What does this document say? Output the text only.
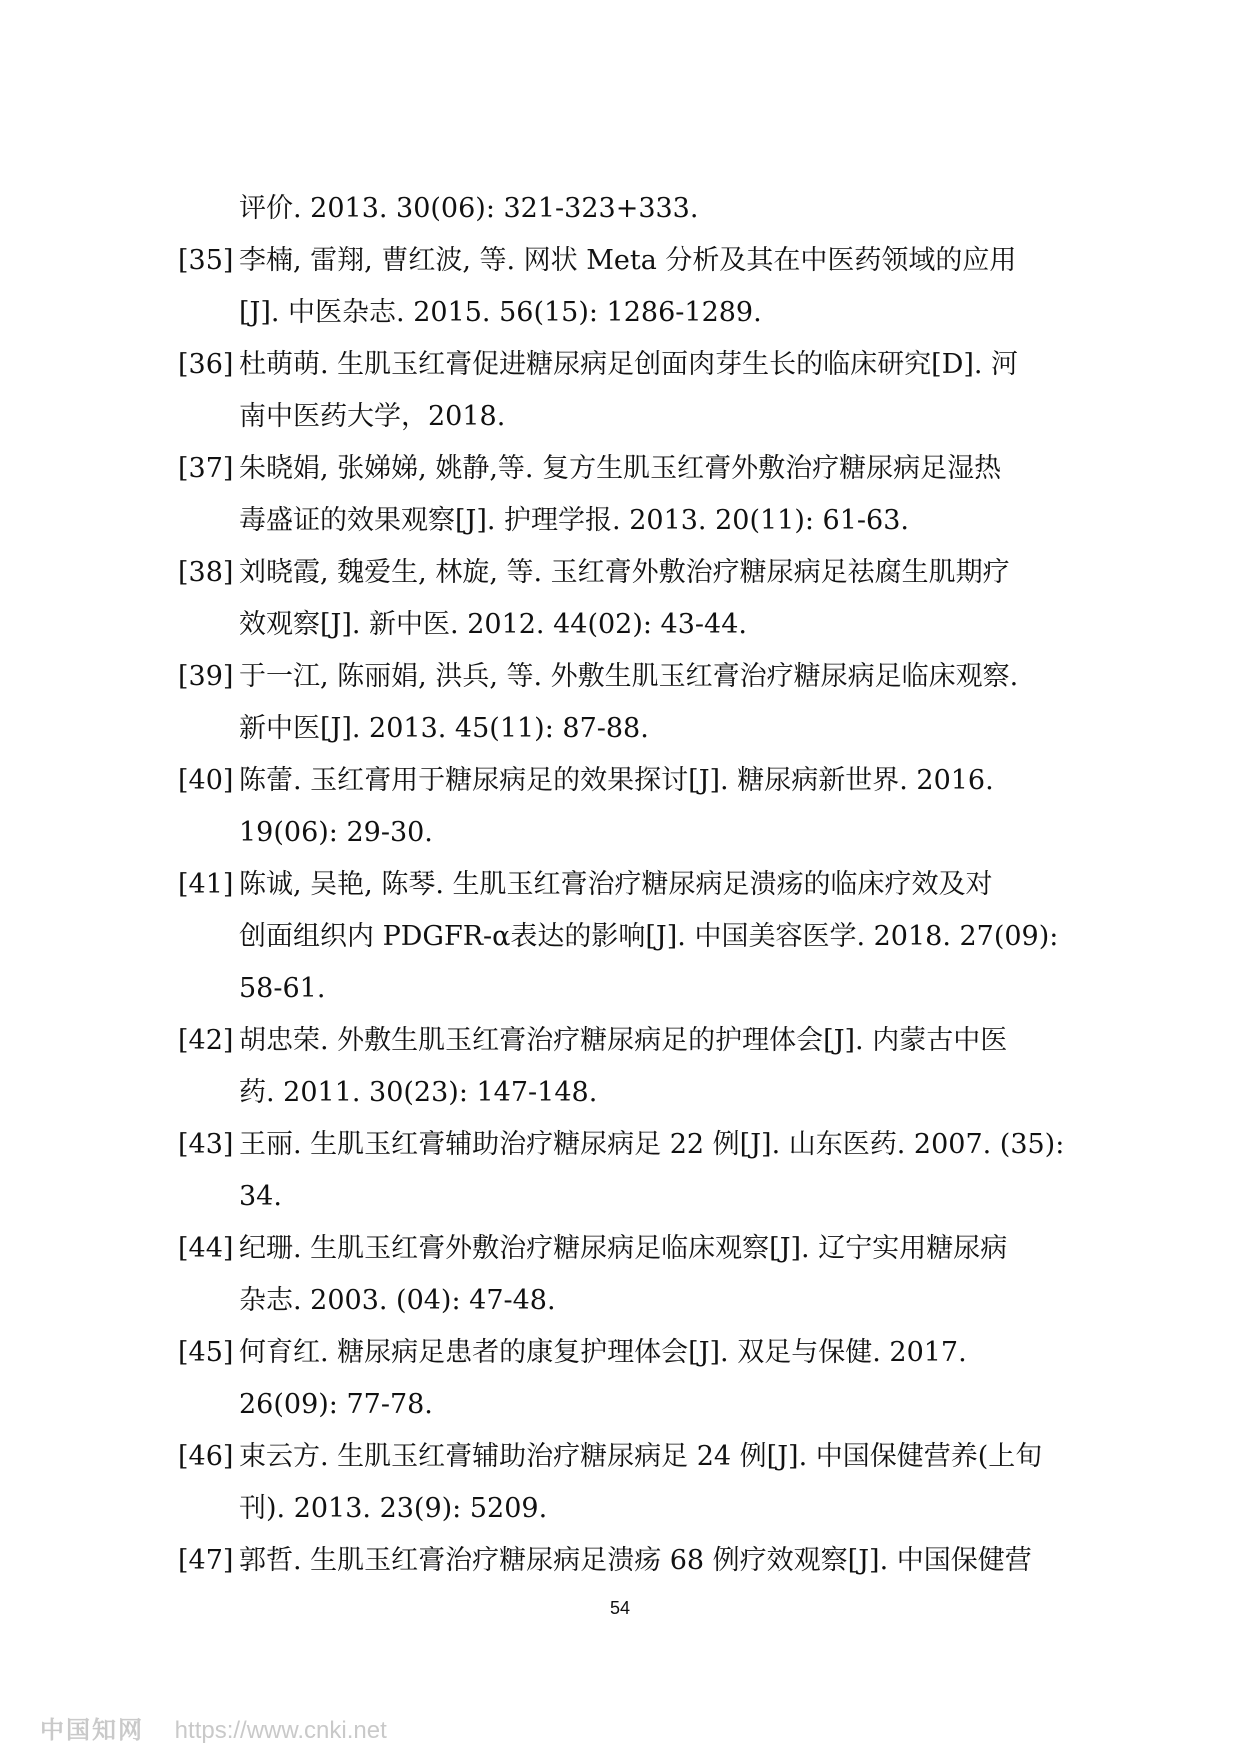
评价. 2013. 30(06): 321-323+333.
[35] 李楠, 雷翔, 曹红波, 等. 网状 Meta 分析及其在中医药领域的应用
[J]. 中医杂志. 2015. 56(15): 1286-1289.
[36] 杜萌萌. 生肌玉红膏促进糖尿病足创面肉芽生长的临床研究[D]. 河
南中医药大学，2018.
[37] 朱晓娟, 张娣娣, 姚静,等. 复方生肌玉红膏外敷治疗糖尿病足湿热
毒盛证的效果观察[J]. 护理学报. 2013. 20(11): 61-63.
[38] 刘晓霞, 魏爱生, 林旋, 等. 玉红膏外敷治疗糖尿病足祛腐生肌期疗
效观察[J]. 新中医. 2012. 44(02): 43-44.
[39] 于一江, 陈丽娟, 洪兵, 等. 外敷生肌玉红膏治疗糖尿病足临床观察.
新中医[J]. 2013. 45(11): 87-88.
[40] 陈蕾. 玉红膏用于糖尿病足的效果探讨[J]. 糖尿病新世界. 2016.
19(06): 29-30.
[41] 陈诚, 吴艳, 陈琴. 生肌玉红膏治疗糖尿病足溃疡的临床疗效及对
创面组织内 PDGFR-α表达的影响[J]. 中国美容医学. 2018. 27(09):
58-61.
[42] 胡忠荣. 外敷生肌玉红膏治疗糖尿病足的护理体会[J]. 内蒙古中医
药. 2011. 30(23): 147-148.
[43] 王丽. 生肌玉红膏辅助治疗糖尿病足 22 例[J]. 山东医药. 2007. (35):
34.
[44] 纪珊. 生肌玉红膏外敷治疗糖尿病足临床观察[J]. 辽宁实用糖尿病
杂志. 2003. (04): 47-48.
[45] 何育红. 糖尿病足患者的康复护理体会[J]. 双足与保健. 2017.
26(09): 77-78.
[46] 束云方. 生肌玉红膏辅助治疗糖尿病足 24 例[J]. 中国保健营养(上旬
刊). 2013. 23(9): 5209.
[47] 郭哲. 生肌玉红膏治疗糖尿病足溃疡 68 例疗效观察[J]. 中国保健营
54
中国知网 https://www.cnki.net
